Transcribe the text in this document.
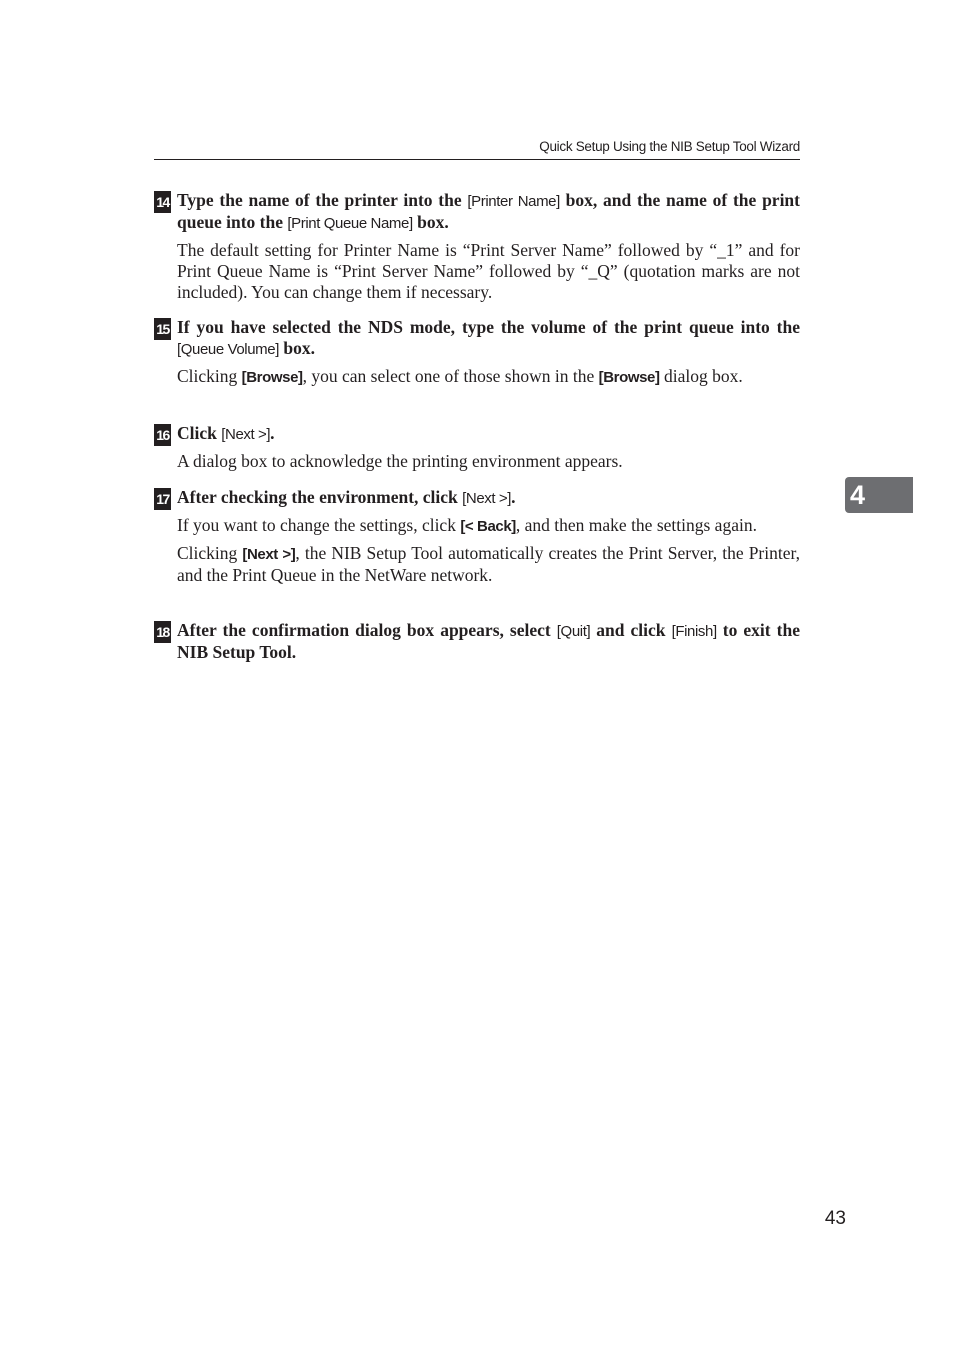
Quick Setup Using the NIB Setup Tool Wizard
14 Type the name of the printer into the [Printer Name] box, and the name of the print queue into the [Print Queue Name] box.
The default setting for Printer Name is “Print Server Name” followed by “_1” and for Print Queue Name is “Print Server Name” followed by “_Q” (quotation marks are not included). You can change them if necessary.
15 If you have selected the NDS mode, type the volume of the print queue into the [Queue Volume] box.
Clicking [Browse], you can select one of those shown in the [Browse] dialog box.
16 Click [Next >].
A dialog box to acknowledge the printing environment appears.
17 After checking the environment, click [Next >].
If you want to change the settings, click [< Back], and then make the settings again.
Clicking [Next >], the NIB Setup Tool automatically creates the Print Server, the Printer, and the Print Queue in the NetWare network.
18 After the confirmation dialog box appears, select [Quit] and click [Finish] to exit the NIB Setup Tool.
4
43
